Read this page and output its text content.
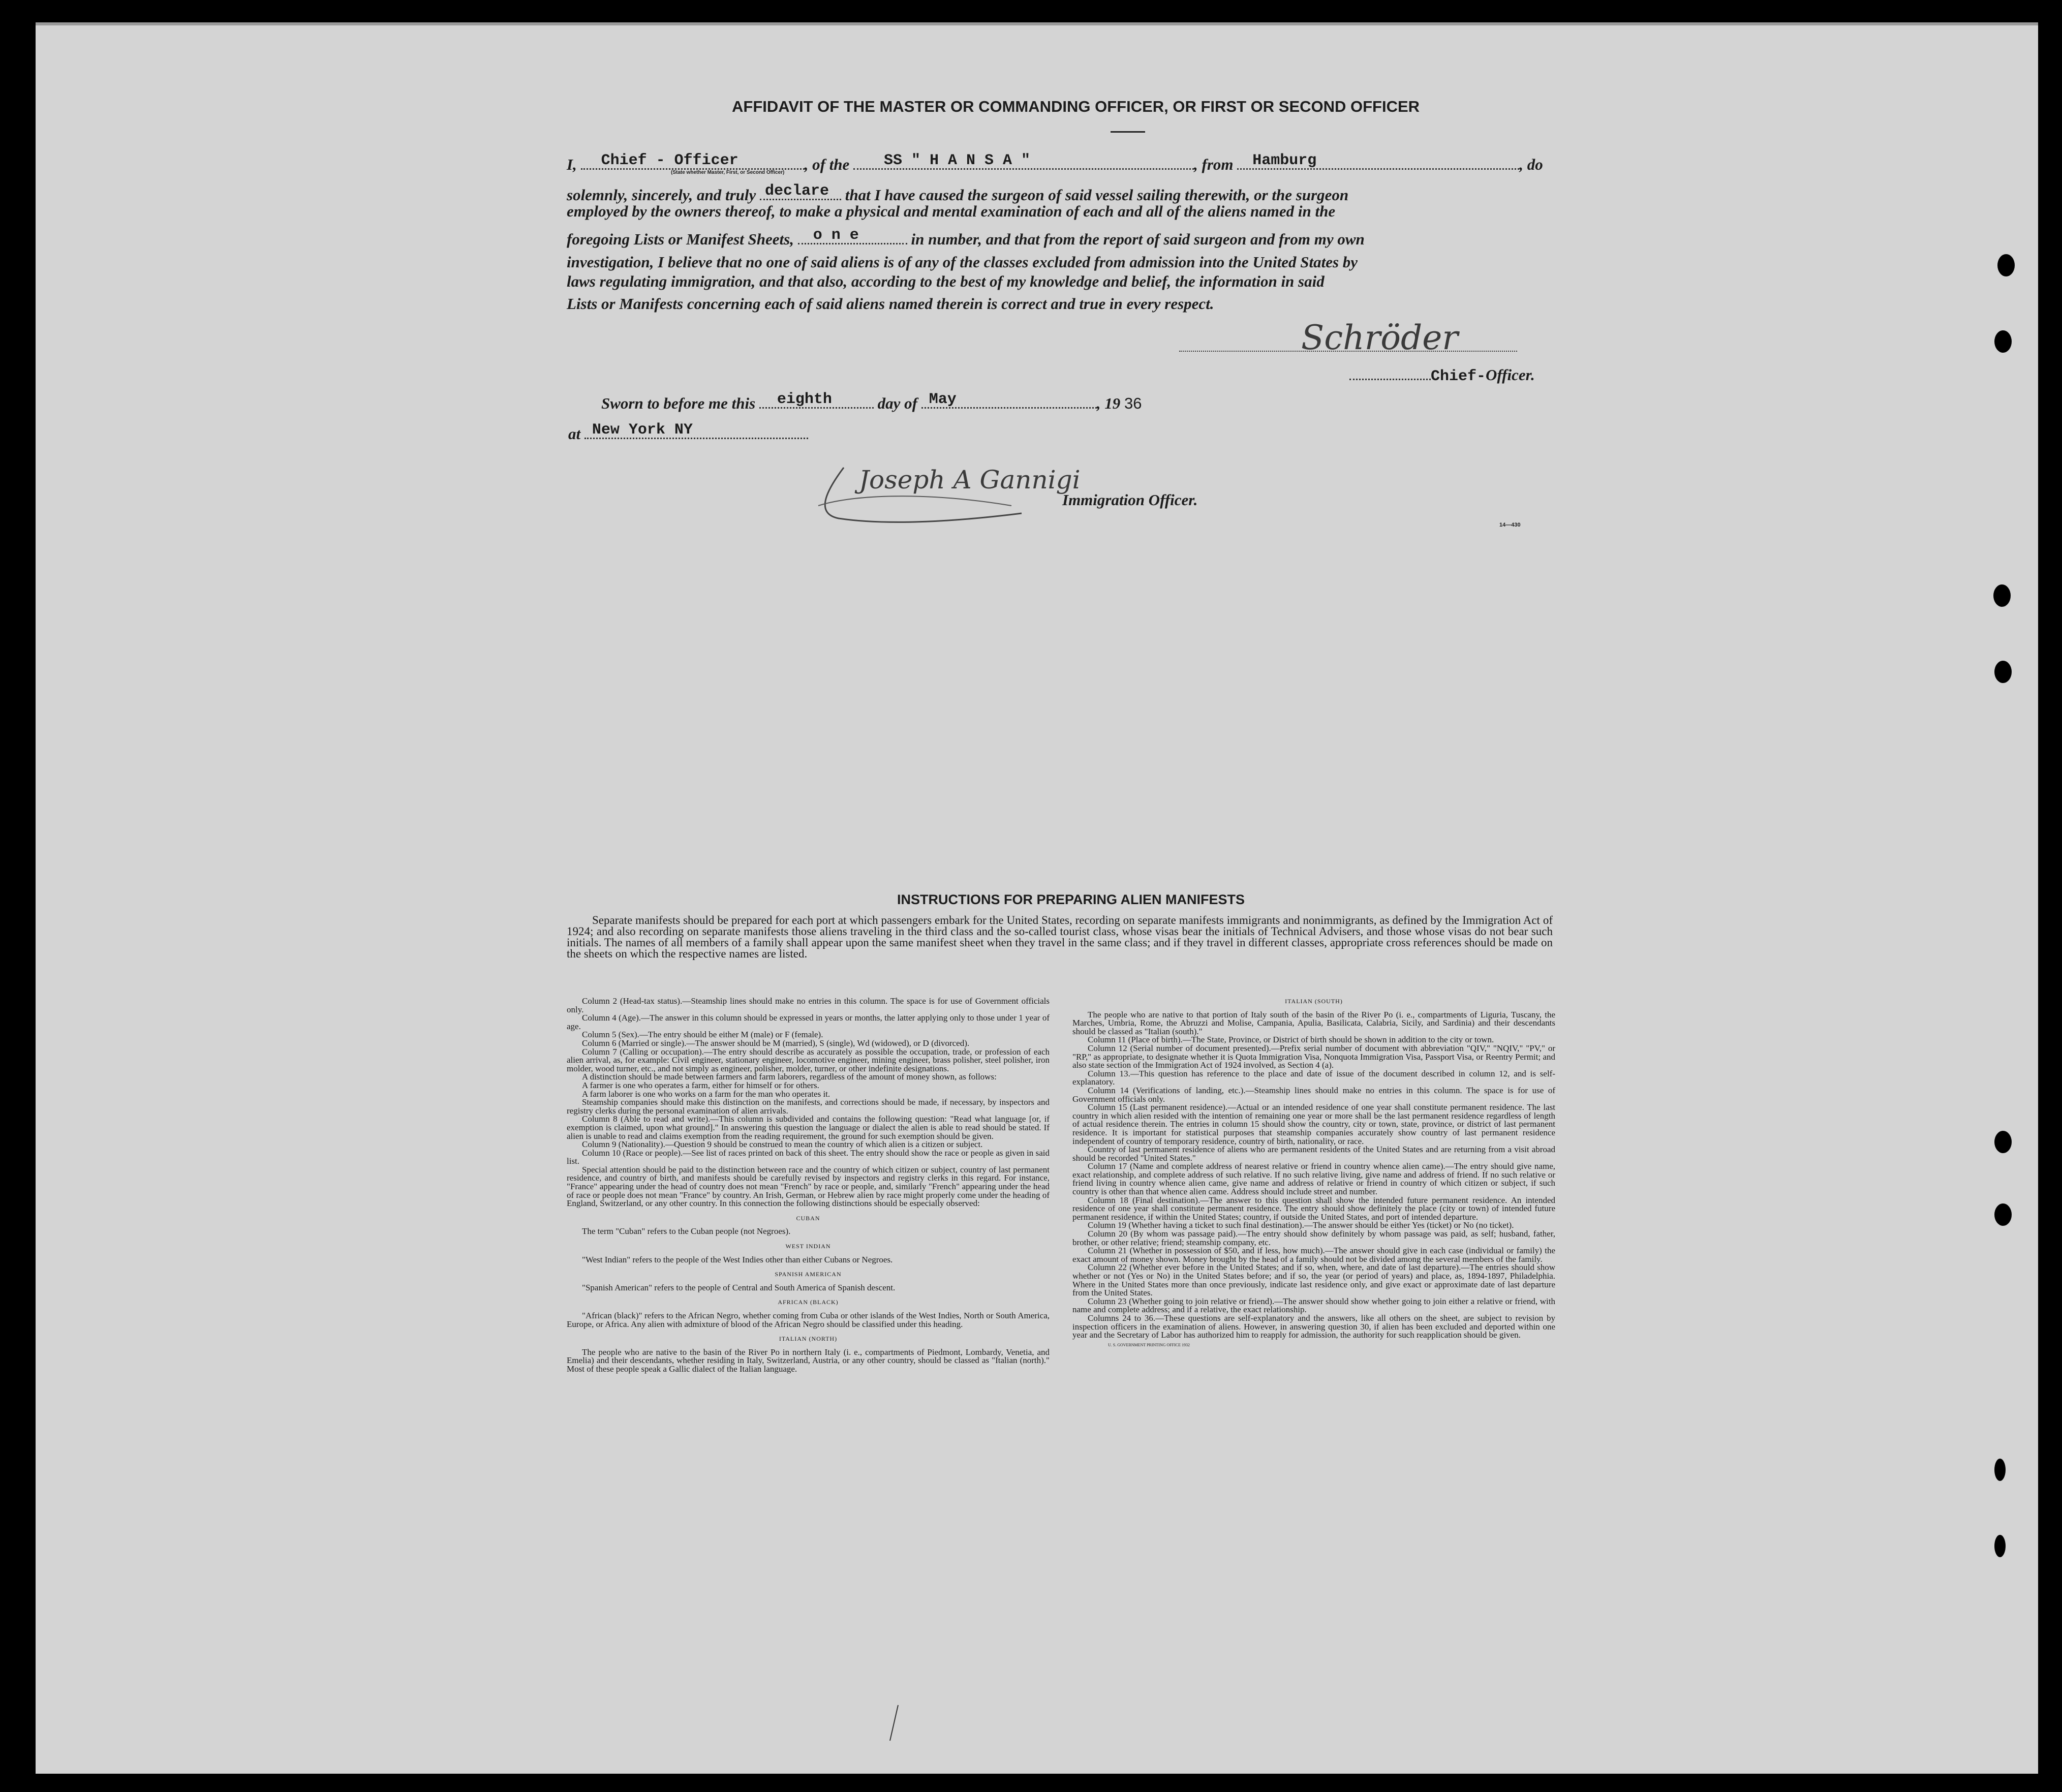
AFFIDAVIT OF THE MASTER OR COMMANDING OFFICER, OR FIRST OR SECOND OFFICER
I, Chief - Officer	, of the SS " H A N S A "	, from Hamburg	, do
(State whether Master, First, or Second Officer)
solemnly, sincerely, and truly declare that I have caused the surgeon of said vessel sailing therewith, or the surgeon
employed by the owners thereof, to make a physical and mental examination of each and all of the aliens named in the
foregoing Lists or Manifest Sheets, o n e	in number, and that from the report of said surgeon and from my own
investigation, I believe that no one of said aliens is of any of the classes excluded from admission into the United States by
laws regulating immigration, and that also, according to the best of my knowledge and belief, the information in said
Lists or Manifests concerning each of said aliens named therein is correct and true in every respect.
Schröder
Chief-Officer.
Sworn to before me this eighth	day of May	, 19 36
at New York NY
Joseph A Gannigi
Immigration Officer.
14—430
INSTRUCTIONS FOR PREPARING ALIEN MANIFESTS
Separate manifests should be prepared for each port at which passengers embark for the United States, recording on separate manifests immigrants and nonimmigrants, as defined by the Immigration Act of 1924; and also recording on separate manifests those aliens traveling in the third class and the so-called tourist class, whose visas bear the initials of Technical Advisers, and those whose visas do not bear such initials. The names of all members of a family shall appear upon the same manifest sheet when they travel in the same class; and if they travel in different classes, appropriate cross references should be made on the sheets on which the respective names are listed.

Column 2 (Head-tax status).—Steamship lines should make no entries in this column. The space is for use of Government officials only.

Column 4 (Age).—The answer in this column should be expressed in years or months, the latter applying only to those under 1 year of age.

Column 5 (Sex).—The entry should be either M (male) or F (female).

Column 6 (Married or single).—The answer should be M (married), S (single), Wd (widowed), or D (divorced).

Column 7 (Calling or occupation).—The entry should describe as accurately as possible the occupation, trade, or profession of each alien arrival, as, for example: Civil engineer, stationary engineer, locomotive engineer, mining engineer, brass polisher, steel polisher, iron molder, wood turner, etc., and not simply as engineer, polisher, molder, turner, or other indefinite designations.

A distinction should be made between farmers and farm laborers, regardless of the amount of money shown, as follows:

A farmer is one who operates a farm, either for himself or for others.

A farm laborer is one who works on a farm for the man who operates it.

Steamship companies should make this distinction on the manifests, and corrections should be made, if necessary, by inspectors and registry clerks during the personal examination of alien arrivals.

Column 8 (Able to read and write).—This column is subdivided and contains the following question: "Read what language [or, if exemption is claimed, upon what ground]." In answering this question the language or dialect the alien is able to read should be stated. If alien is unable to read and claims exemption from the reading requirement, the ground for such exemption should be given.

Column 9 (Nationality).—Question 9 should be construed to mean the country of which alien is a citizen or subject.

Column 10 (Race or people).—See list of races printed on back of this sheet. The entry should show the race or people as given in said list.

Special attention should be paid to the distinction between race and the country of which citizen or subject, country of last permanent residence, and country of birth, and manifests should be carefully revised by inspectors and registry clerks in this regard. For instance, "France" appearing under the head of country does not mean "French" by race or people, and, similarly "French" appearing under the head of race or people does not mean "France" by country. An Irish, German, or Hebrew alien by race might properly come under the heading of England, Switzerland, or any other country. In this connection the following distinctions should be especially observed:

CUBAN

The term "Cuban" refers to the Cuban people (not Negroes).

WEST INDIAN

"West Indian" refers to the people of the West Indies other than either Cubans or Negroes.

SPANISH AMERICAN

"Spanish American" refers to the people of Central and South America of Spanish descent.

AFRICAN (BLACK)

"African (black)" refers to the African Negro, whether coming from Cuba or other islands of the West Indies, North or South America, Europe, or Africa. Any alien with admixture of blood of the African Negro should be classified under this heading.

ITALIAN (NORTH)

The people who are native to the basin of the River Po in northern Italy (i. e., compartments of Piedmont, Lombardy, Venetia, and Emelia) and their descendants, whether residing in Italy, Switzerland, Austria, or any other country, should be classed as "Italian (north)." Most of these people speak a Gallic dialect of the Italian language.

ITALIAN (SOUTH)

The people who are native to that portion of Italy south of the basin of the River Po (i. e., compartments of Liguria, Tuscany, the Marches, Umbria, Rome, the Abruzzi and Molise, Campania, Apulia, Basilicata, Calabria, Sicily, and Sardinia) and their descendants should be classed as "Italian (south)."

Column 11 (Place of birth).—The State, Province, or District of birth should be shown in addition to the city or town.

Column 12 (Serial number of document presented).—Prefix serial number of document with abbreviation "QIV," "NQIV," "PV," or "RP," as appropriate, to designate whether it is Quota Immigration Visa, Nonquota Immigration Visa, Passport Visa, or Reentry Permit; and also state section of the Immigration Act of 1924 involved, as Section 4 (a).

Column 13.—This question has reference to the place and date of issue of the document described in column 12, and is self-explanatory.

Column 14 (Verifications of landing, etc.).—Steamship lines should make no entries in this column. The space is for use of Government officials only.

Column 15 (Last permanent residence).—Actual or an intended residence of one year shall constitute permanent residence. The last country in which alien resided with the intention of remaining one year or more shall be the last permanent residence regardless of length of actual residence therein. The entries in column 15 should show the country, city or town, state, province, or district of last permanent residence. It is important for statistical purposes that steamship companies accurately show country of last permanent residence independent of country of temporary residence, country of birth, nationality, or race.

Country of last permanent residence of aliens who are permanent residents of the United States and are returning from a visit abroad should be recorded "United States."

Column 17 (Name and complete address of nearest relative or friend in country whence alien came).—The entry should give name, exact relationship, and complete address of such relative. If no such relative living, give name and address of friend. If no such relative or friend living in country whence alien came, give name and address of relative or friend in country of which citizen or subject, if such country is other than that whence alien came. Address should include street and number.

Column 18 (Final destination).—The answer to this question shall show the intended future permanent residence. An intended residence of one year shall constitute permanent residence. The entry should show definitely the place (city or town) of intended future permanent residence, if within the United States; country, if outside the United States, and port of intended departure.

Column 19 (Whether having a ticket to such final destination).—The answer should be either Yes (ticket) or No (no ticket).

Column 20 (By whom was passage paid).—The entry should show definitely by whom passage was paid, as self; husband, father, brother, or other relative; friend; steamship company, etc.

Column 21 (Whether in possession of $50, and if less, how much).—The answer should give in each case (individual or family) the exact amount of money shown. Money brought by the head of a family should not be divided among the several members of the family.

Column 22 (Whether ever before in the United States; and if so, when, where, and date of last departure).—The entries should show whether or not (Yes or No) in the United States before; and if so, the year (or period of years) and place, as, 1894-1897, Philadelphia. Where in the United States more than once previously, indicate last residence only, and give exact or approximate date of last departure from the United States.

Column 23 (Whether going to join relative or friend).—The answer should show whether going to join either a relative or friend, with name and complete address; and if a relative, the exact relationship.

Columns 24 to 36.—These questions are self-explanatory and the answers, like all others on the sheet, are subject to revision by inspection officers in the examination of aliens. However, in answering question 30, if alien has been excluded and deported within one year and the Secretary of Labor has authorized him to reapply for admission, the authority for such reapplication should be given.

U. S. GOVERNMENT PRINTING OFFICE 1932
